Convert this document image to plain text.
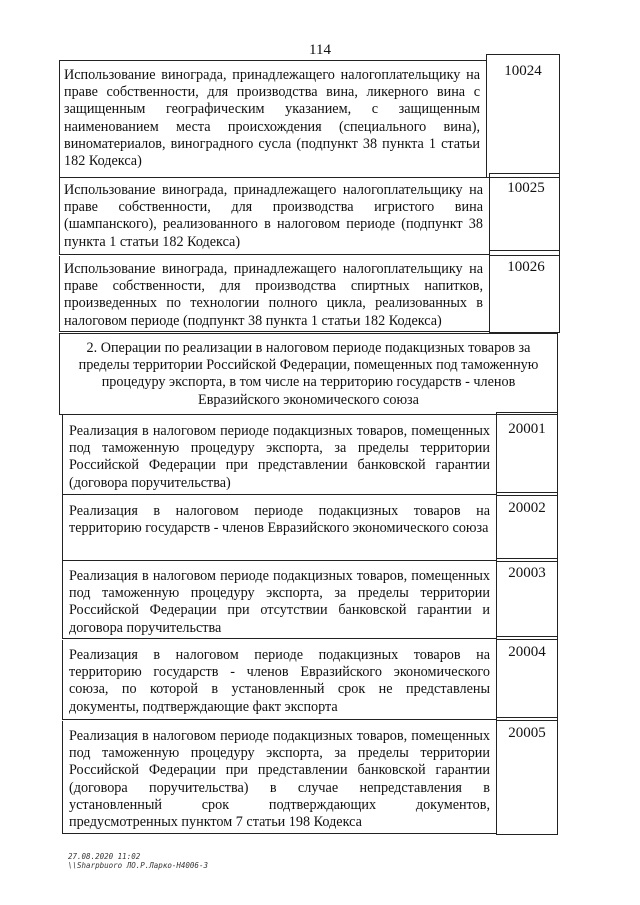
114
Использование винограда, принадлежащего налогоплательщику на праве собственности, для производства вина, ликерного вина с защищенным географическим указанием, с защищенным наименованием места происхождения (специального вина), виноматериалов, виноградного сусла (подпункт 38 пункта 1 статьи 182 Кодекса)
10024
Использование винограда, принадлежащего налогоплательщику на праве собственности, для производства игристого вина (шампанского), реализованного в налоговом периоде (подпункт 38 пункта 1 статьи 182 Кодекса)
10025
Использование винограда, принадлежащего налогоплательщику на праве собственности, для производства спиртных напитков, произведенных по технологии полного цикла, реализованных в налоговом периоде (подпункт 38 пункта 1 статьи 182 Кодекса)
10026
2. Операции по реализации в налоговом периоде подакцизных товаров за пределы территории Российской Федерации, помещенных под таможенную процедуру экспорта, в том числе на территорию государств - членов Евразийского экономического союза
Реализация в налоговом периоде подакцизных товаров, помещенных под таможенную процедуру экспорта, за пределы территории Российской Федерации при представлении банковской гарантии (договора поручительства)
20001
Реализация в налоговом периоде подакцизных товаров на территорию государств - членов Евразийского экономического союза
20002
Реализация в налоговом периоде подакцизных товаров, помещенных под таможенную процедуру экспорта, за пределы территории Российской Федерации при отсутствии банковской гарантии и договора поручительства
20003
Реализация в налоговом периоде подакцизных товаров на территорию государств - членов Евразийского экономического союза, по которой в установленный срок не представлены документы, подтверждающие факт экспорта
20004
Реализация в налоговом периоде подакцизных товаров, помещенных под таможенную процедуру экспорта, за пределы территории Российской Федерации при представлении банковской гарантии (договора поручительства) в случае непредставления в установленный срок подтверждающих документов, предусмотренных пунктом 7 статьи 198 Кодекса
20005
27.08.2020 11:02
\\Sharpbuoro ЛО.Р.Ларко-Н4006-3
